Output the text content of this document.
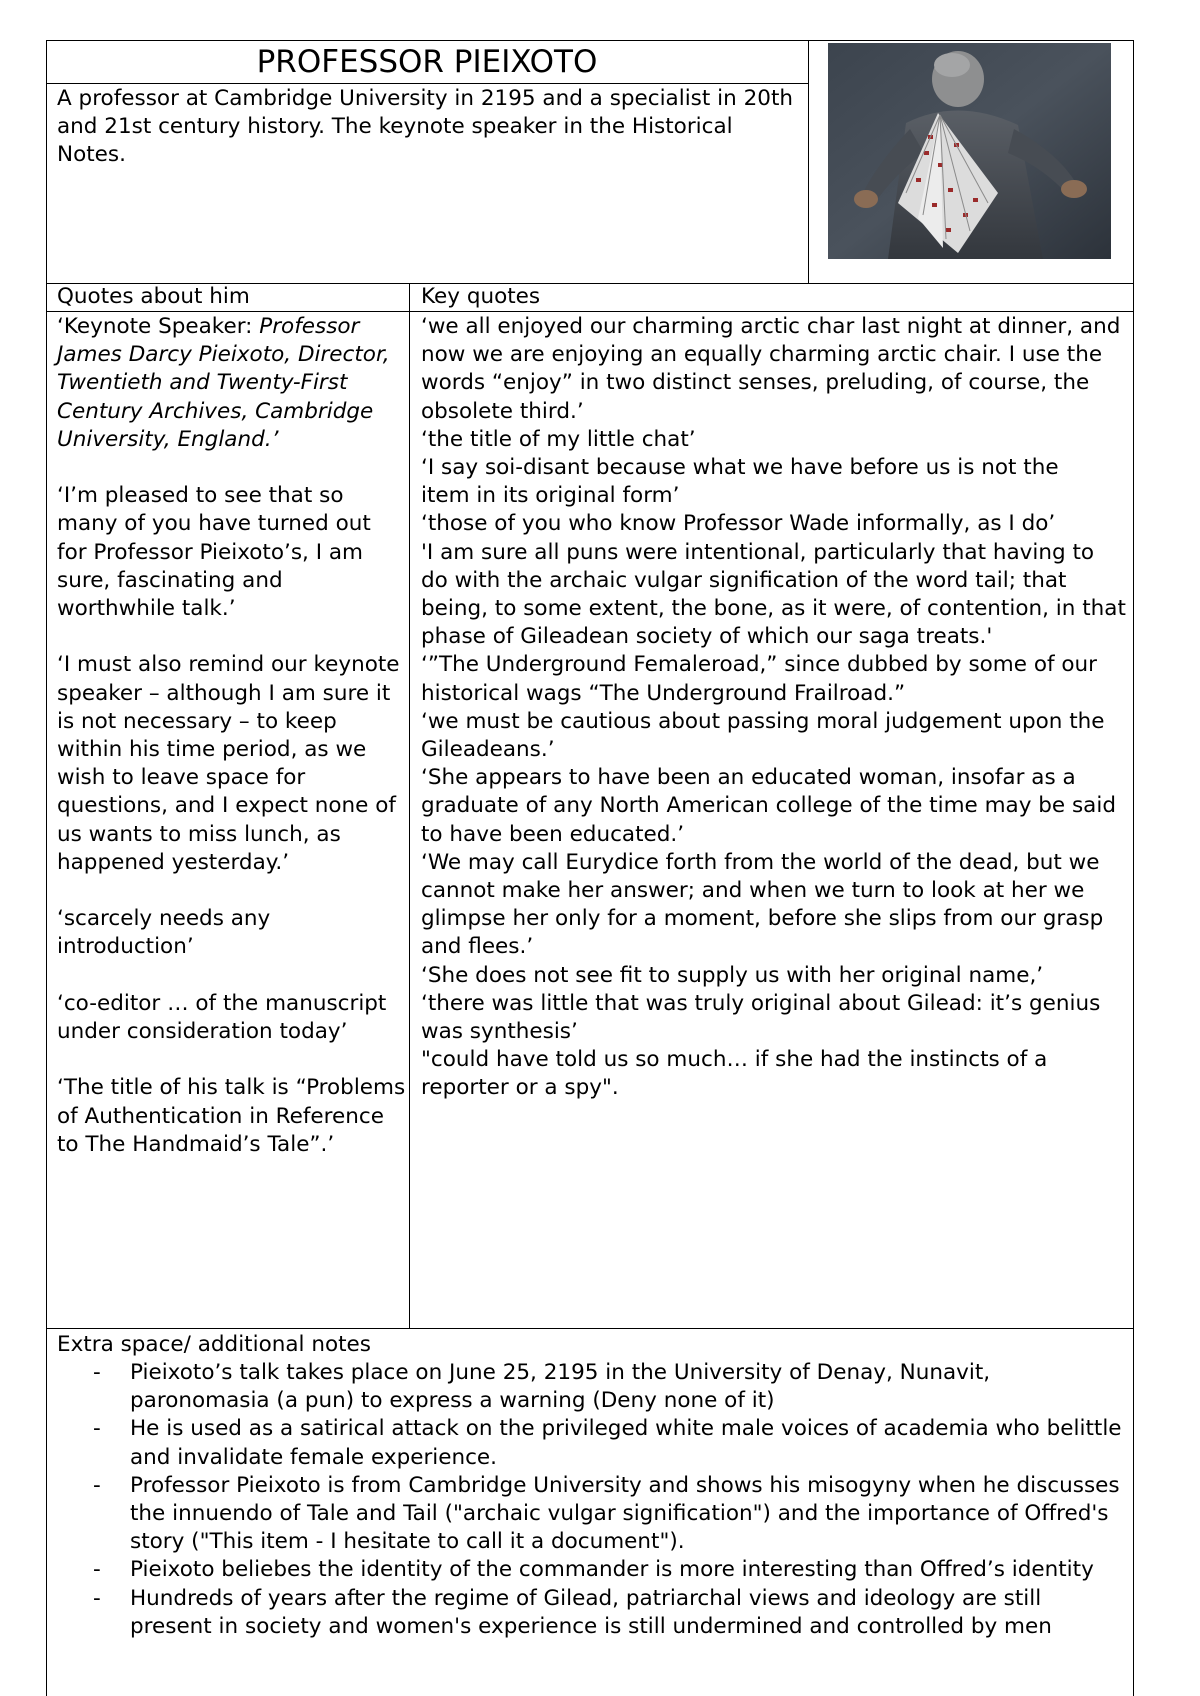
PROFESSOR PIEIXOTO
A professor at Cambridge University in 2195 and a specialist in 20th and 21st century history. The keynote speaker in the Historical Notes.
Quotes about him	Key quotes

‘Keynote Speaker: Professor James Darcy Pieixoto, Director, Twentieth and Twenty-First Century Archives, Cambridge University, England.’

‘I’m pleased to see that so many of you have turned out for Professor Pieixoto’s, I am sure, fascinating and worthwhile talk.’

‘I must also remind our keynote speaker – although I am sure it is not necessary – to keep within his time period, as we wish to leave space for questions, and I expect none of us wants to miss lunch, as happened yesterday.’

‘scarcely needs any introduction’

‘co-editor … of the manuscript under consideration today’

‘The title of his talk is “Problems of Authentication in Reference to The Handmaid’s Tale”.’

‘we all enjoyed our charming arctic char last night at dinner, and now we are enjoying an equally charming arctic chair. I use the words “enjoy” in two distinct senses, preluding, of course, the obsolete third.’
‘the title of my little chat’
‘I say soi-disant because what we have before us is not the
item in its original form’
‘those of you who know Professor Wade informally, as I do’
'I am sure all puns were intentional, particularly that having to do with the archaic vulgar signification of the word tail; that being, to some extent, the bone, as it were, of contention, in that phase of Gileadean society of which our saga treats.'
‘”The Underground Femaleroad,” since dubbed by some of our historical wags “The Underground Frailroad.”
‘we must be cautious about passing moral judgement upon the Gileadeans.’
‘She appears to have been an educated woman, insofar as a graduate of any North American college of the time may be said to have been educated.’
‘We may call Eurydice forth from the world of the dead, but we cannot make her answer; and when we turn to look at her we glimpse her only for a moment, before she slips from our grasp and flees.’
‘She does not see fit to supply us with her original name,’
‘there was little that was truly original about Gilead: it’s genius was synthesis’
"could have told us so much… if she had the instincts of a reporter or a spy".
Extra space/ additional notes
- Pieixoto’s talk takes place on June 25, 2195 in the University of Denay, Nunavit, paronomasia (a pun) to express a warning (Deny none of it)
- He is used as a satirical attack on the privileged white male voices of academia who belittle and invalidate female experience.
- Professor Pieixoto is from Cambridge University and shows his misogyny when he discusses the innuendo of Tale and Tail ("archaic vulgar signification") and the importance of Offred's story ("This item - I hesitate to call it a document").
- Pieixoto beliebes the identity of the commander is more interesting than Offred’s identity
- Hundreds of years after the regime of Gilead, patriarchal views and ideology are still present in society and women's experience is still undermined and controlled by men
